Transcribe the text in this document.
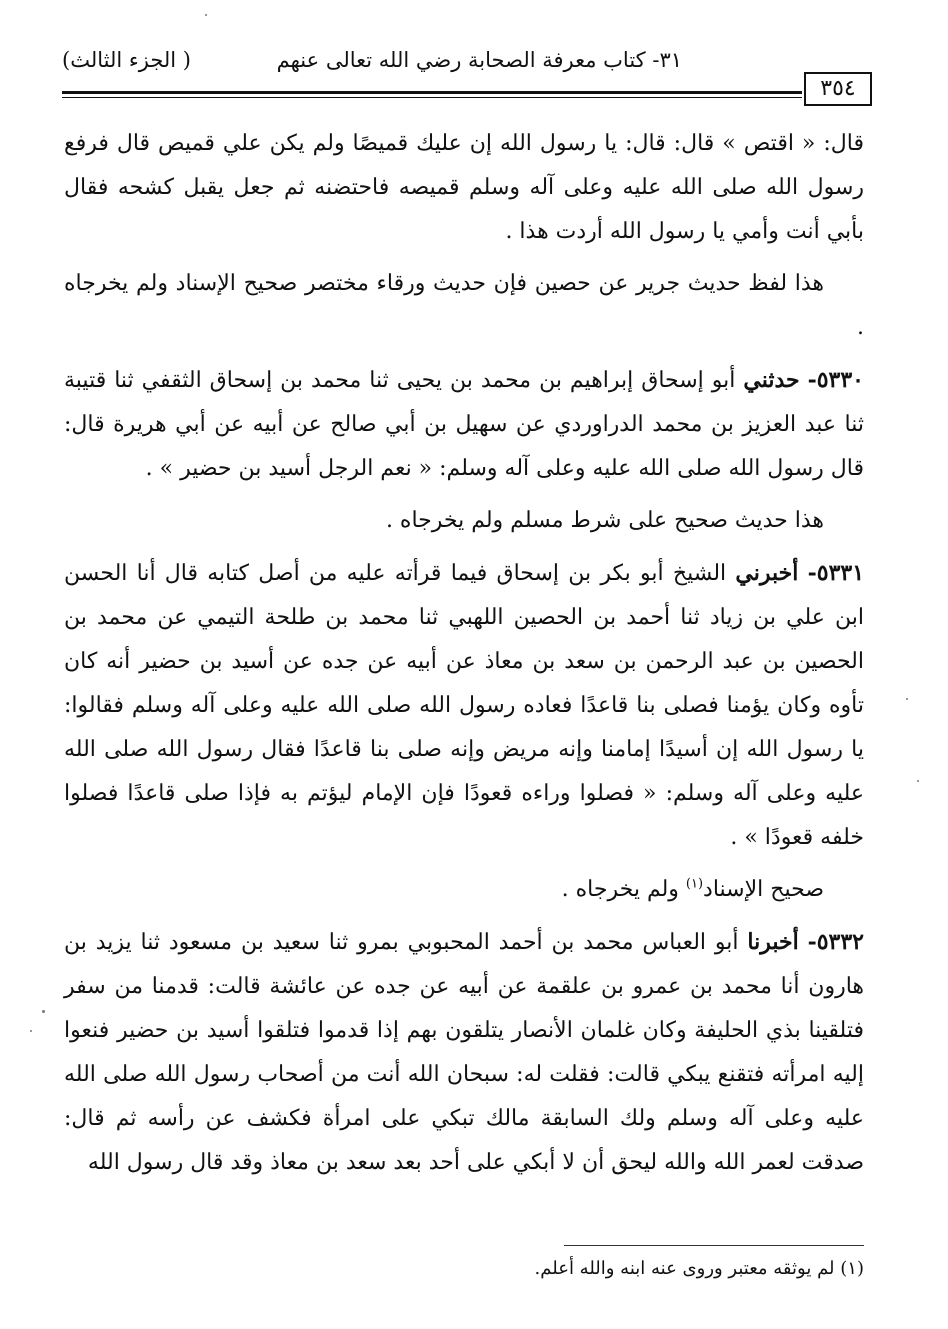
٣١- كتاب معرفة الصحابة رضي الله تعالى عنهم
( الجزء الثالث)
٣٥٤

قال: « اقتص » قال: قال: يا رسول الله إن عليك قميصًا ولم يكن علي قميص قال فرفع رسول الله صلى الله عليه وعلى آله وسلم قميصه فاحتضنه ثم جعل يقبل كشحه فقال بأبي أنت وأمي يا رسول الله أردت هذا .

هذا لفظ حديث جرير عن حصين فإن حديث ورقاء مختصر صحيح الإسناد ولم يخرجاه .

٥٣٣٠- حدثني أبو إسحاق إبراهيم بن محمد بن يحيى ثنا محمد بن إسحاق الثقفي ثنا قتيبة ثنا عبد العزيز بن محمد الدراوردي عن سهيل بن أبي صالح عن أبيه عن أبي هريرة قال: قال رسول الله صلى الله عليه وعلى آله وسلم: « نعم الرجل أسيد بن حضير » .

هذا حديث صحيح على شرط مسلم ولم يخرجاه .

٥٣٣١- أخبرني الشيخ أبو بكر بن إسحاق فيما قرأته عليه من أصل كتابه قال أنا الحسن ابن علي بن زياد ثنا أحمد بن الحصين اللهبي ثنا محمد بن طلحة التيمي عن محمد بن الحصين بن عبد الرحمن بن سعد بن معاذ عن أبيه عن جده عن أسيد بن حضير أنه كان تأوه وكان يؤمنا فصلى بنا قاعدًا فعاده رسول الله صلى الله عليه وعلى آله وسلم فقالوا: يا رسول الله إن أسيدًا إمامنا وإنه مريض وإنه صلى بنا قاعدًا فقال رسول الله صلى الله عليه وعلى آله وسلم: « فصلوا وراءه قعودًا فإن الإمام ليؤتم به فإذا صلى قاعدًا فصلوا خلفه قعودًا » .

صحيح الإسناد$^{(١)}$ ولم يخرجاه .

٥٣٣٢- أخبرنا أبو العباس محمد بن أحمد المحبوبي بمرو ثنا سعيد بن مسعود ثنا يزيد بن هارون أنا محمد بن عمرو بن علقمة عن أبيه عن جده عن عائشة قالت: قدمنا من سفر فتلقينا بذي الحليفة وكان غلمان الأنصار يتلقون بهم إذا قدموا فتلقوا أسيد بن حضير فنعوا إليه امرأته فتقنع يبكي قالت: فقلت له: سبحان الله أنت من أصحاب رسول الله صلى الله عليه وعلى آله وسلم ولك السابقة مالك تبكي على امرأة فكشف عن رأسه ثم قال: صدقت لعمر الله والله ليحق أن لا أبكي على أحد بعد سعد بن معاذ وقد قال رسول الله

(١) لم يوثقه معتبر وروى عنه ابنه والله أعلم.
